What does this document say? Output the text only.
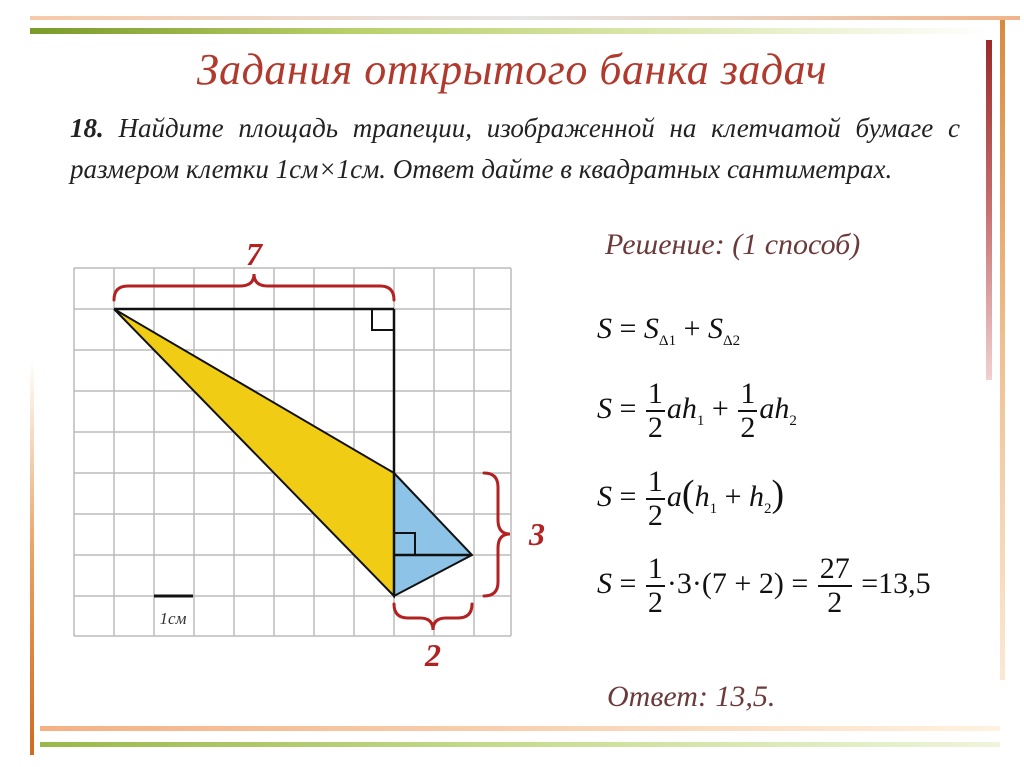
Задания открытого банка задач
18. Найдите площадь трапеции, изображенной на клетчатой бумаге с размером клетки 1см×1см. Ответ дайте в квадратных сантиметрах.
Решение: (1 способ)
7
3
2
1см
$S = S_{\Delta 1} + S_{\Delta 2}$
$S = \frac{1}{2} ah_1 + \frac{1}{2} ah_2$
$S = \frac{1}{2} a(h_1 + h_2)$
$S = \frac{1}{2} \cdot 3\cdot(7 + 2) = \frac{27}{2} =13,5$
Ответ: 13,5.
